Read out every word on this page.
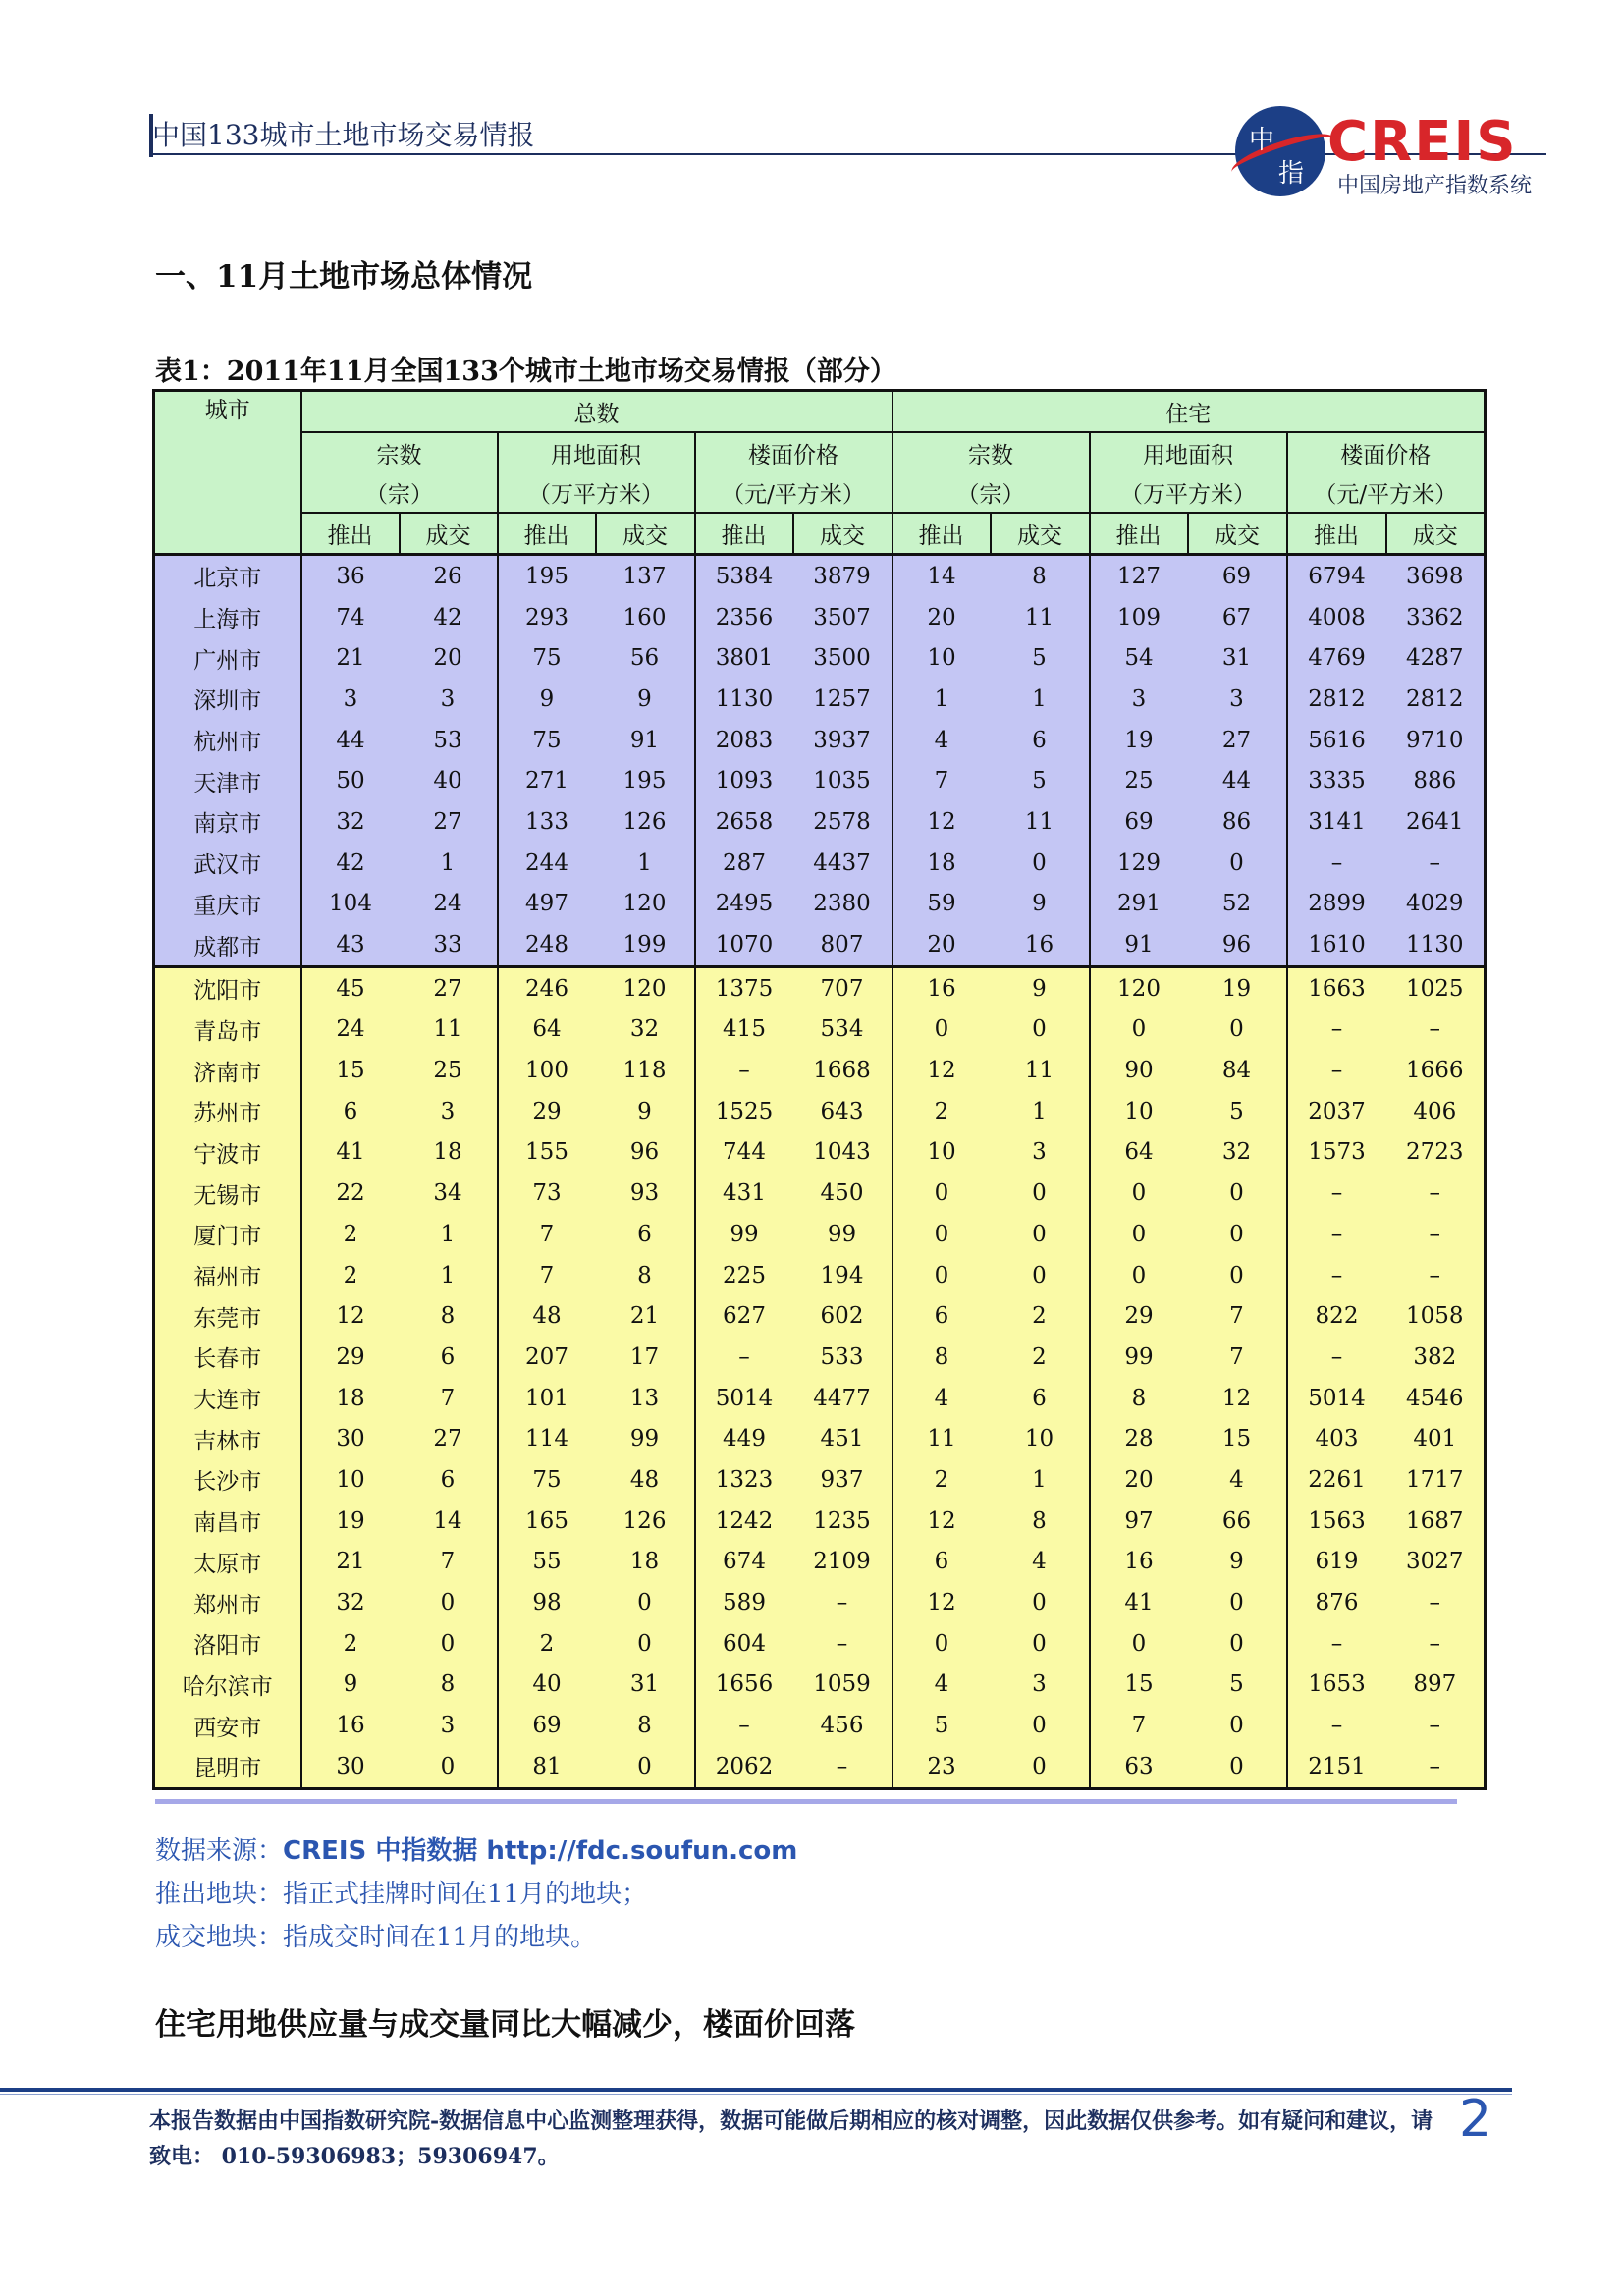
中国133城市土地市场交易情报	中
指 CREIS
中国房地产指数系统
一、11月土地市场总体情况
表1：2011年11月全国133个城市土地市场交易情报（部分）
城市	总数						住宅					
	宗数		用地面积		楼面价格		宗数		用地面积		楼面价格	
	（宗）		（万平方米）		（元/平方米）		（宗）		（万平方米）		（元/平方米）	
	推出	成交	推出	成交	推出	成交	推出	成交	推出	成交	推出	成交
北京市	36	26	195	137	5384	3879	14	8	127	69	6794	3698
上海市	74	42	293	160	2356	3507	20	11	109	67	4008	3362
广州市	21	20	75	56	3801	3500	10	5	54	31	4769	4287
深圳市	3	3	9	9	1130	1257	1	1	3	3	2812	2812
杭州市	44	53	75	91	2083	3937	4	6	19	27	5616	9710
天津市	50	40	271	195	1093	1035	7	5	25	44	3335	886
南京市	32	27	133	126	2658	2578	12	11	69	86	3141	2641
武汉市	42	1	244	1	287	4437	18	0	129	0	–	–
重庆市	104	24	497	120	2495	2380	59	9	291	52	2899	4029
成都市	43	33	248	199	1070	807	20	16	91	96	1610	1130
沈阳市	45	27	246	120	1375	707	16	9	120	19	1663	1025
青岛市	24	11	64	32	415	534	0	0	0	0	–	–
济南市	15	25	100	118	–	1668	12	11	90	84	–	1666
苏州市	6	3	29	9	1525	643	2	1	10	5	2037	406
宁波市	41	18	155	96	744	1043	10	3	64	32	1573	2723
无锡市	22	34	73	93	431	450	0	0	0	0	–	–
厦门市	2	1	7	6	99	99	0	0	0	0	–	–
福州市	2	1	7	8	225	194	0	0	0	0	–	–
东莞市	12	8	48	21	627	602	6	2	29	7	822	1058
长春市	29	6	207	17	–	533	8	2	99	7	–	382
大连市	18	7	101	13	5014	4477	4	6	8	12	5014	4546
吉林市	30	27	114	99	449	451	11	10	28	15	403	401
长沙市	10	6	75	48	1323	937	2	1	20	4	2261	1717
南昌市	19	14	165	126	1242	1235	12	8	97	66	1563	1687
太原市	21	7	55	18	674	2109	6	4	16	9	619	3027
郑州市	32	0	98	0	589	–	12	0	41	0	876	–
洛阳市	2	0	2	0	604	–	0	0	0	0	–	–
哈尔滨市	9	8	40	31	1656	1059	4	3	15	5	1653	897
西安市	16	3	69	8	–	456	5	0	7	0	–	–
昆明市	30	0	81	0	2062	–	23	0	63	0	2151	–
数据来源：CREIS 中指数据 http://fdc.soufun.com
推出地块：指正式挂牌时间在11月的地块；
成交地块：指成交时间在11月的地块。
住宅用地供应量与成交量同比大幅减少，楼面价回落
本报告数据由中国指数研究院-数据信息中心监测整理获得，数据可能做后期相应的核对调整，因此数据仅供参考。如有疑问和建议，请致电： 010-59306983；59306947。
2
